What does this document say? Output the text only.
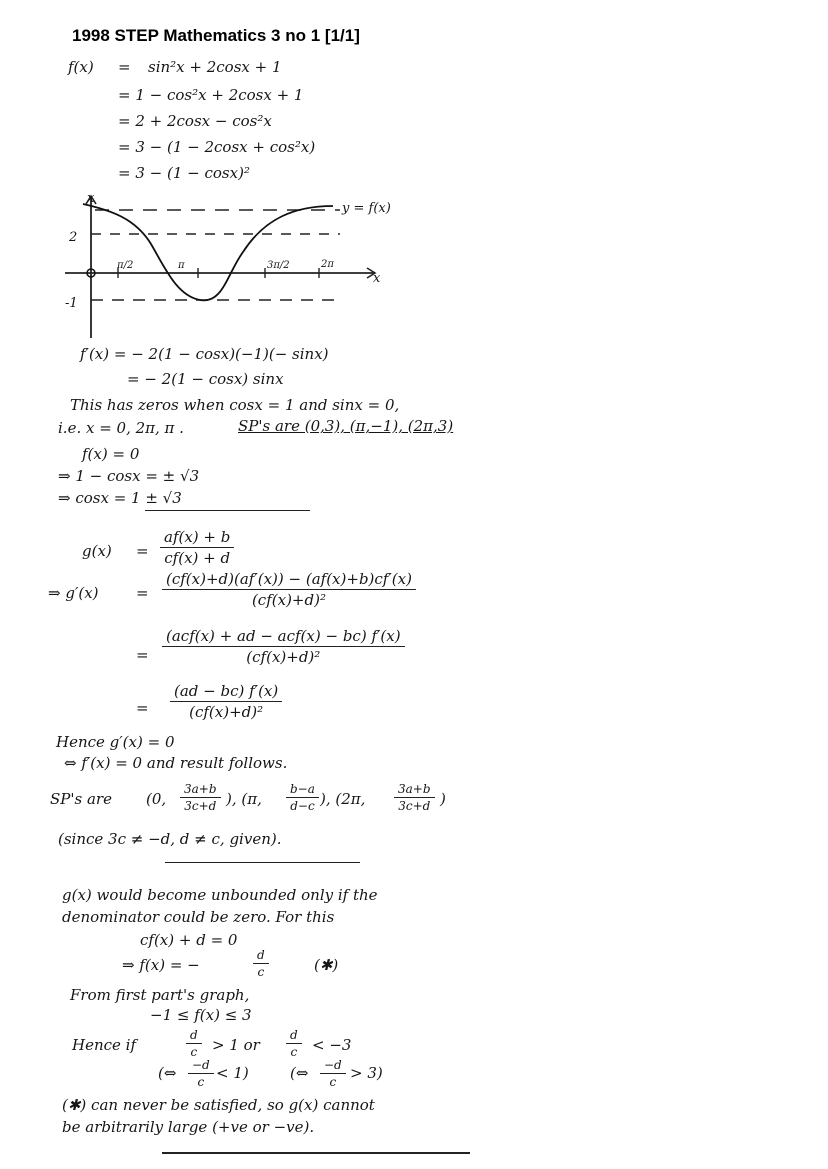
1998 STEP Mathematics 3 no 1 [1/1]
f(x) = sin²x + 2cosx + 1
= 1 − cos²x + 2cosx + 1
= 2 + 2cosx − cos²x
= 3 − (1 − 2cosx + cos²x)
= 3 − (1 − cosx)²
x
x
2
-1
π/2	π	3π/2	2π
y = f(x)
f′(x) = − 2(1 − cosx)(−1)(− sinx)
= − 2(1 − cosx) sinx
This has zeros when cosx = 1 and sinx = 0,
i.e. x = 0, 2π, π .	SP's are (0,3), (π,−1), (2π,3)
f(x) = 0
⇒ 1 − cosx = ± √3
⇒ cosx = 1 ± √3
$g(x) = \frac{af(x) + b}{cf(x) + d}$
⇒ $g'(x) = \frac{(cf(x)+d)(af'(x)) - (af(x)+b)cf'(x)}{\text{(cf(x)+d)²}}$
=
(acf(x) + ad − acf(x) − bc) f′(x)
(cf(x)+d)²
= $\frac{(ad - bc) f'(x)}{\text{(cf(x)+d)²}}$
Hence g′(x) = 0
⇔ f′(x) = 0 and result follows.
SP's are (0, $\frac{3a+b}{3c+d}$ ), (π, $\frac{b-a}{d-c}$ ), (2π, $\frac{3a+b}{3c+d}$ )
(since 3c ≠ −d, d ≠ c, given).
g(x) would become unbounded only if the
denominator could be zero. For this
cf(x) + d = 0
⇒ f(x) = −	$\frac{d}{c}$	(✱)
From first part's graph,
−1 ≤ f(x) ≤ 3
Hence if	$\frac{d}{c} > 1$ or $\frac{d}{c} < -3$
(⇔ $\frac{-d}{c} < 1$)	(⇔ $\frac{-d}{c} > 3$)
(✱) can never be satisfied, so g(x) cannot
be arbitrarily large (+ve or −ve).
